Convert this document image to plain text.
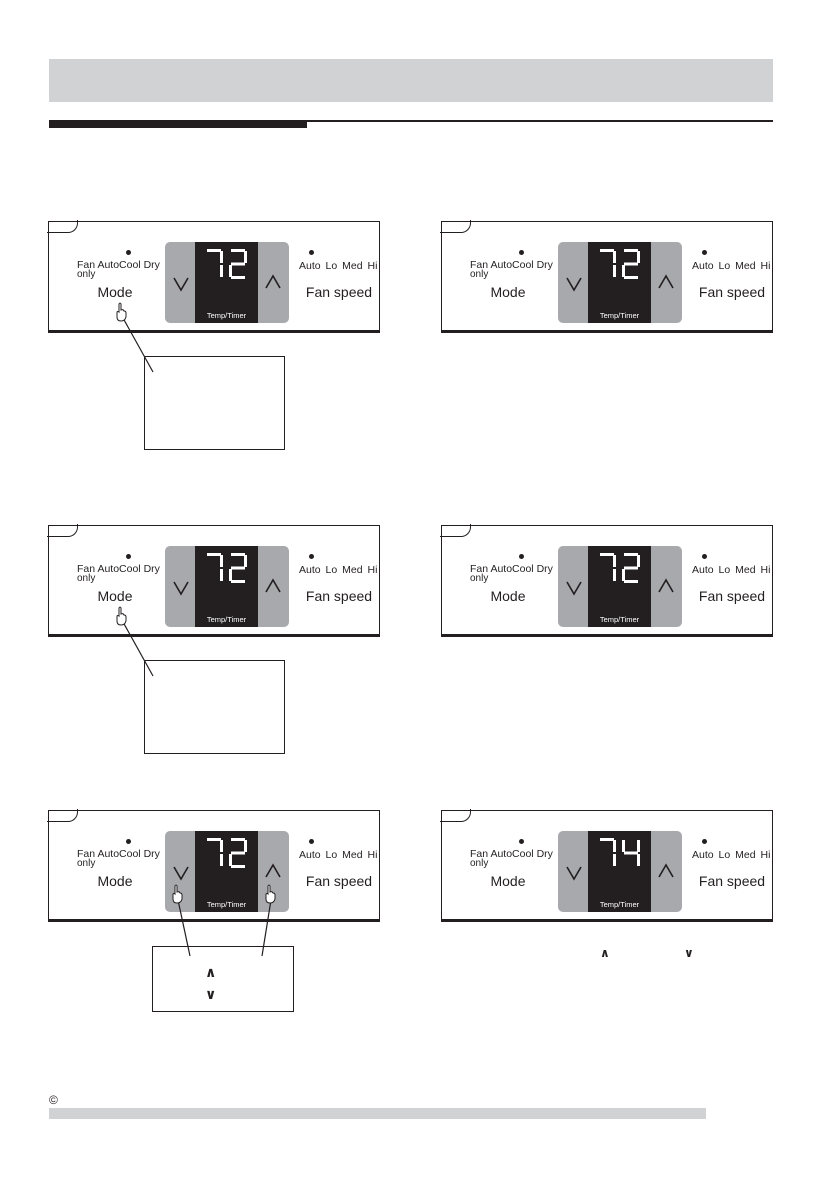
Fan AutoCool Dry
only
Mode
Temp/Timer
Auto Lo Med Hi
Fan speed
Fan AutoCool Dry
only
Mode
Temp/Timer
Auto Lo Med Hi
Fan speed
Fan AutoCool Dry
only
Mode
Temp/Timer
Auto Lo Med Hi
Fan speed
Fan AutoCool Dry
only
Mode
Temp/Timer
Auto Lo Med Hi
Fan speed
Fan AutoCool Dry
only
Mode
Temp/Timer
Auto Lo Med Hi
Fan speed
Fan AutoCool Dry
only
Mode
Temp/Timer
Auto Lo Med Hi
Fan speed
∧
∨
∧	∨
©
